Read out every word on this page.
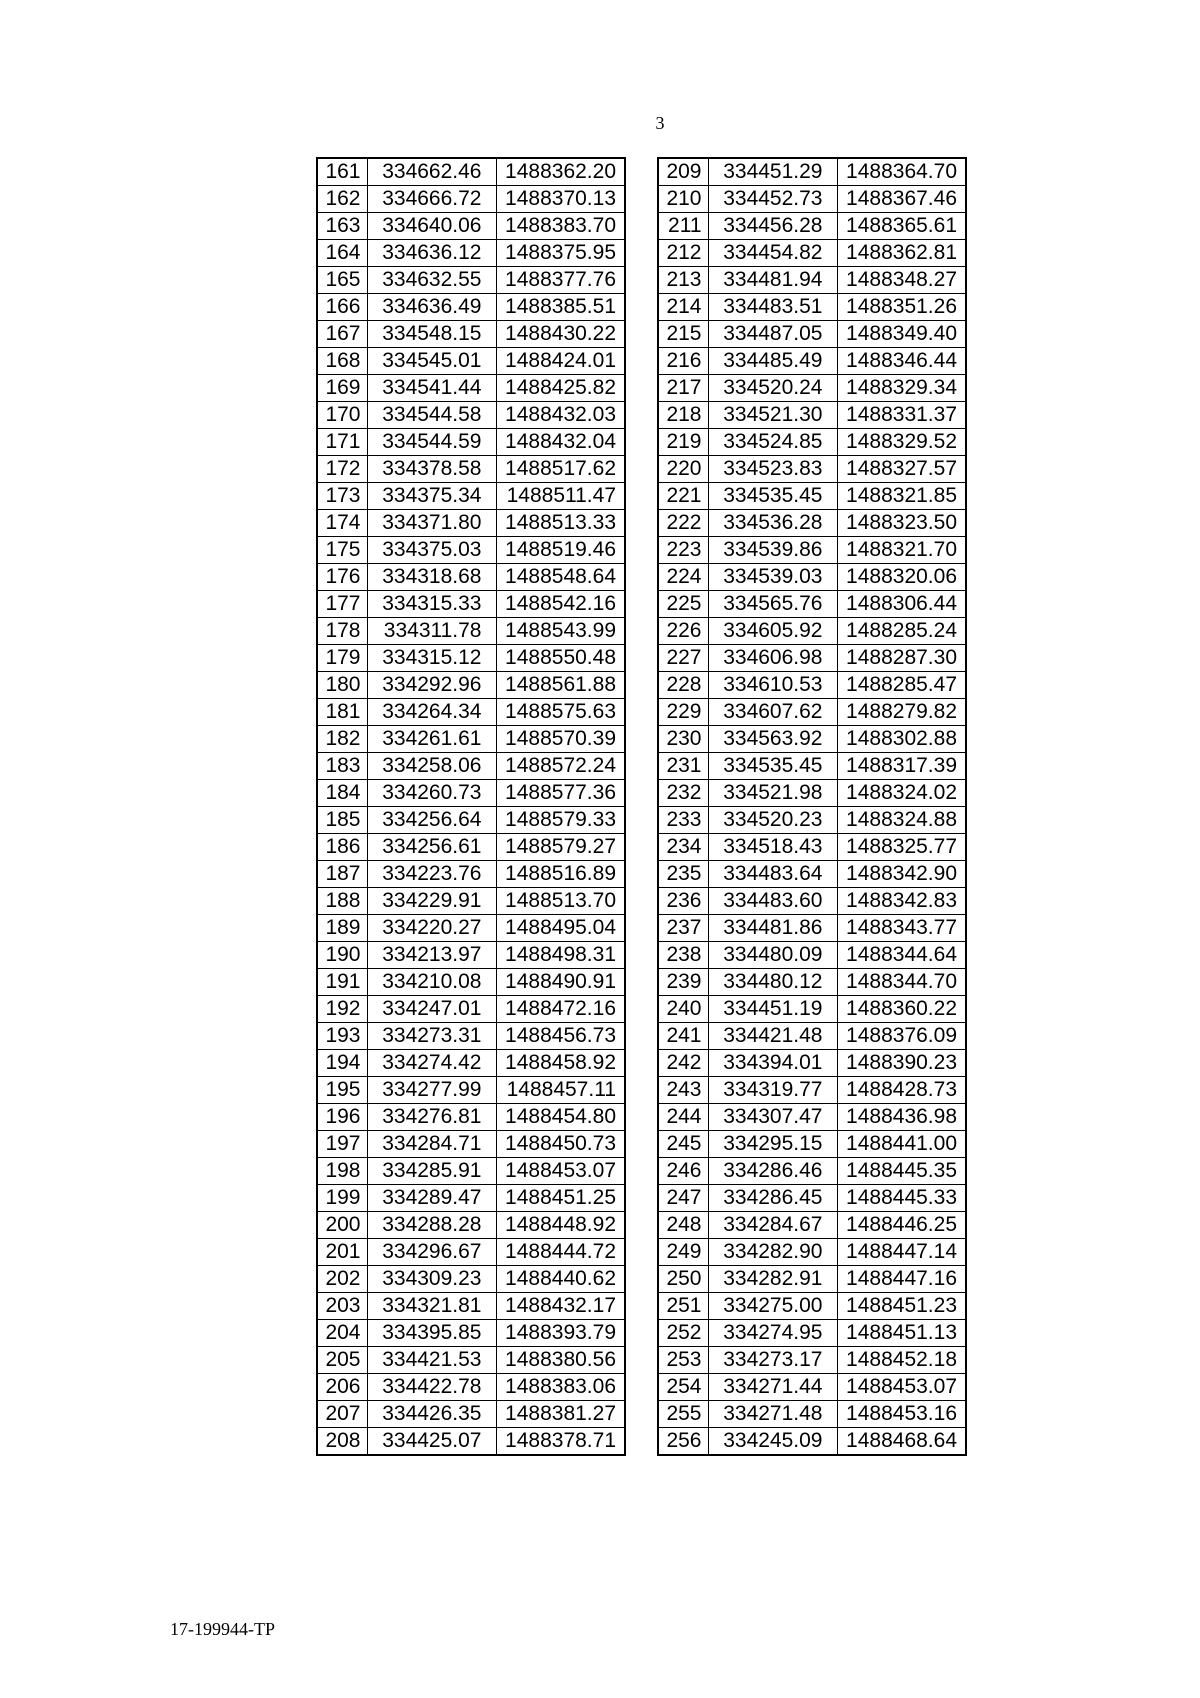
3
161	334662.46	1488362.20
162	334666.72	1488370.13
163	334640.06	1488383.70
164	334636.12	1488375.95
165	334632.55	1488377.76
166	334636.49	1488385.51
167	334548.15	1488430.22
168	334545.01	1488424.01
169	334541.44	1488425.82
170	334544.58	1488432.03
171	334544.59	1488432.04
172	334378.58	1488517.62
173	334375.34	1488511.47
174	334371.80	1488513.33
175	334375.03	1488519.46
176	334318.68	1488548.64
177	334315.33	1488542.16
178	334311.78	1488543.99
179	334315.12	1488550.48
180	334292.96	1488561.88
181	334264.34	1488575.63
182	334261.61	1488570.39
183	334258.06	1488572.24
184	334260.73	1488577.36
185	334256.64	1488579.33
186	334256.61	1488579.27
187	334223.76	1488516.89
188	334229.91	1488513.70
189	334220.27	1488495.04
190	334213.97	1488498.31
191	334210.08	1488490.91
192	334247.01	1488472.16
193	334273.31	1488456.73
194	334274.42	1488458.92
195	334277.99	1488457.11
196	334276.81	1488454.80
197	334284.71	1488450.73
198	334285.91	1488453.07
199	334289.47	1488451.25
200	334288.28	1488448.92
201	334296.67	1488444.72
202	334309.23	1488440.62
203	334321.81	1488432.17
204	334395.85	1488393.79
205	334421.53	1488380.56
206	334422.78	1488383.06
207	334426.35	1488381.27
208	334425.07	1488378.71
209	334451.29	1488364.70
210	334452.73	1488367.46
211	334456.28	1488365.61
212	334454.82	1488362.81
213	334481.94	1488348.27
214	334483.51	1488351.26
215	334487.05	1488349.40
216	334485.49	1488346.44
217	334520.24	1488329.34
218	334521.30	1488331.37
219	334524.85	1488329.52
220	334523.83	1488327.57
221	334535.45	1488321.85
222	334536.28	1488323.50
223	334539.86	1488321.70
224	334539.03	1488320.06
225	334565.76	1488306.44
226	334605.92	1488285.24
227	334606.98	1488287.30
228	334610.53	1488285.47
229	334607.62	1488279.82
230	334563.92	1488302.88
231	334535.45	1488317.39
232	334521.98	1488324.02
233	334520.23	1488324.88
234	334518.43	1488325.77
235	334483.64	1488342.90
236	334483.60	1488342.83
237	334481.86	1488343.77
238	334480.09	1488344.64
239	334480.12	1488344.70
240	334451.19	1488360.22
241	334421.48	1488376.09
242	334394.01	1488390.23
243	334319.77	1488428.73
244	334307.47	1488436.98
245	334295.15	1488441.00
246	334286.46	1488445.35
247	334286.45	1488445.33
248	334284.67	1488446.25
249	334282.90	1488447.14
250	334282.91	1488447.16
251	334275.00	1488451.23
252	334274.95	1488451.13
253	334273.17	1488452.18
254	334271.44	1488453.07
255	334271.48	1488453.16
256	334245.09	1488468.64
17-199944-TP
